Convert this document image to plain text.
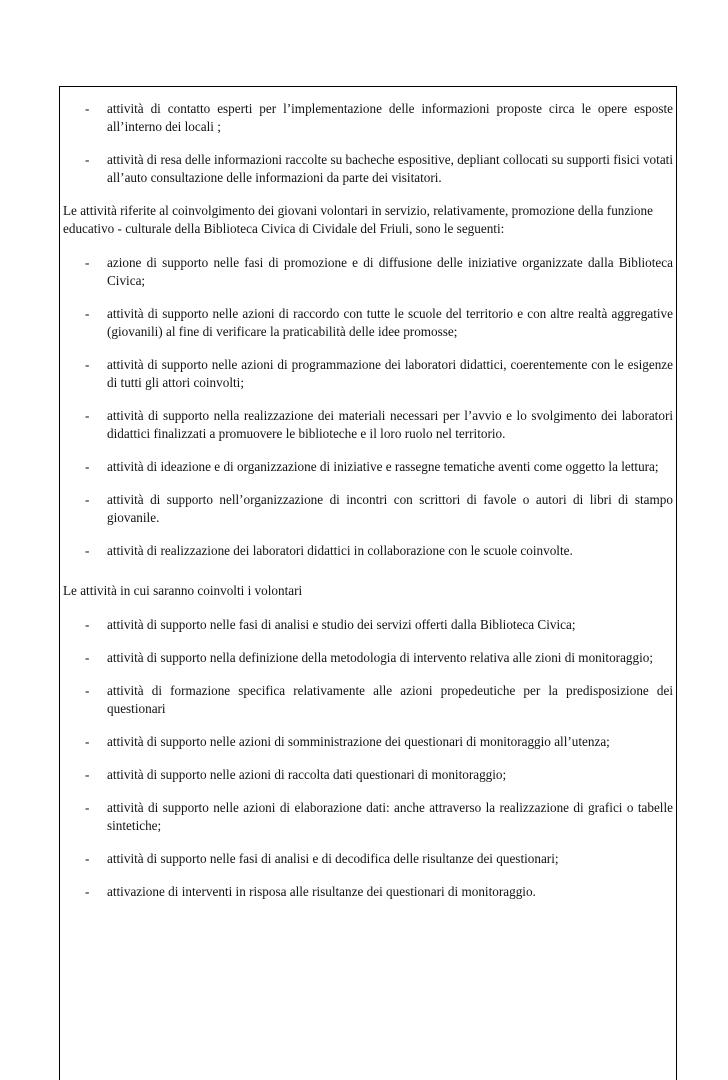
- attività di contatto esperti per l’implementazione delle informazioni proposte circa le opere esposte all’interno dei locali ;
- attività di resa delle informazioni raccolte su bacheche espositive, depliant collocati su supporti fisici votati all’auto consultazione delle informazioni da parte dei visitatori.

Le attività riferite al coinvolgimento dei giovani volontari in servizio, relativamente, promozione della funzione educativo - culturale della Biblioteca Civica di Cividale del Friuli, sono le seguenti:

- azione di supporto nelle fasi di promozione e di diffusione delle iniziative organizzate dalla Biblioteca Civica;
- attività di supporto nelle azioni di raccordo con tutte le scuole del territorio e con altre realtà aggregative (giovanili) al fine di verificare la praticabilità delle idee promosse;
- attività di supporto nelle azioni di programmazione dei laboratori didattici, coerentemente con le esigenze di tutti gli attori coinvolti;
- attività di supporto nella realizzazione dei materiali necessari per l’avvio e lo svolgimento dei laboratori didattici finalizzati a promuovere le biblioteche e il loro ruolo nel territorio.
- attività di ideazione e di organizzazione di iniziative e rassegne tematiche aventi come oggetto la lettura;
- attività di supporto nell’organizzazione di incontri con scrittori di favole o autori di libri di stampo giovanile.
- attività di realizzazione dei laboratori didattici in collaborazione con le scuole coinvolte.

Le attività in cui saranno coinvolti i volontari

- attività di supporto nelle fasi di analisi e studio dei servizi offerti dalla Biblioteca Civica;
- attività di supporto nella definizione della metodologia di intervento relativa alle zioni di monitoraggio;
- attività di formazione specifica relativamente alle azioni propedeutiche per la predisposizione dei questionari
- attività di supporto nelle azioni di somministrazione dei questionari di monitoraggio all’utenza;
- attività di supporto nelle azioni di raccolta dati questionari di monitoraggio;
- attività di supporto nelle azioni di elaborazione dati: anche attraverso la realizzazione di grafici o tabelle sintetiche;
- attività di supporto nelle fasi di analisi e di decodifica delle risultanze dei questionari;
- attivazione di interventi in risposa alle risultanze dei questionari di monitoraggio.
